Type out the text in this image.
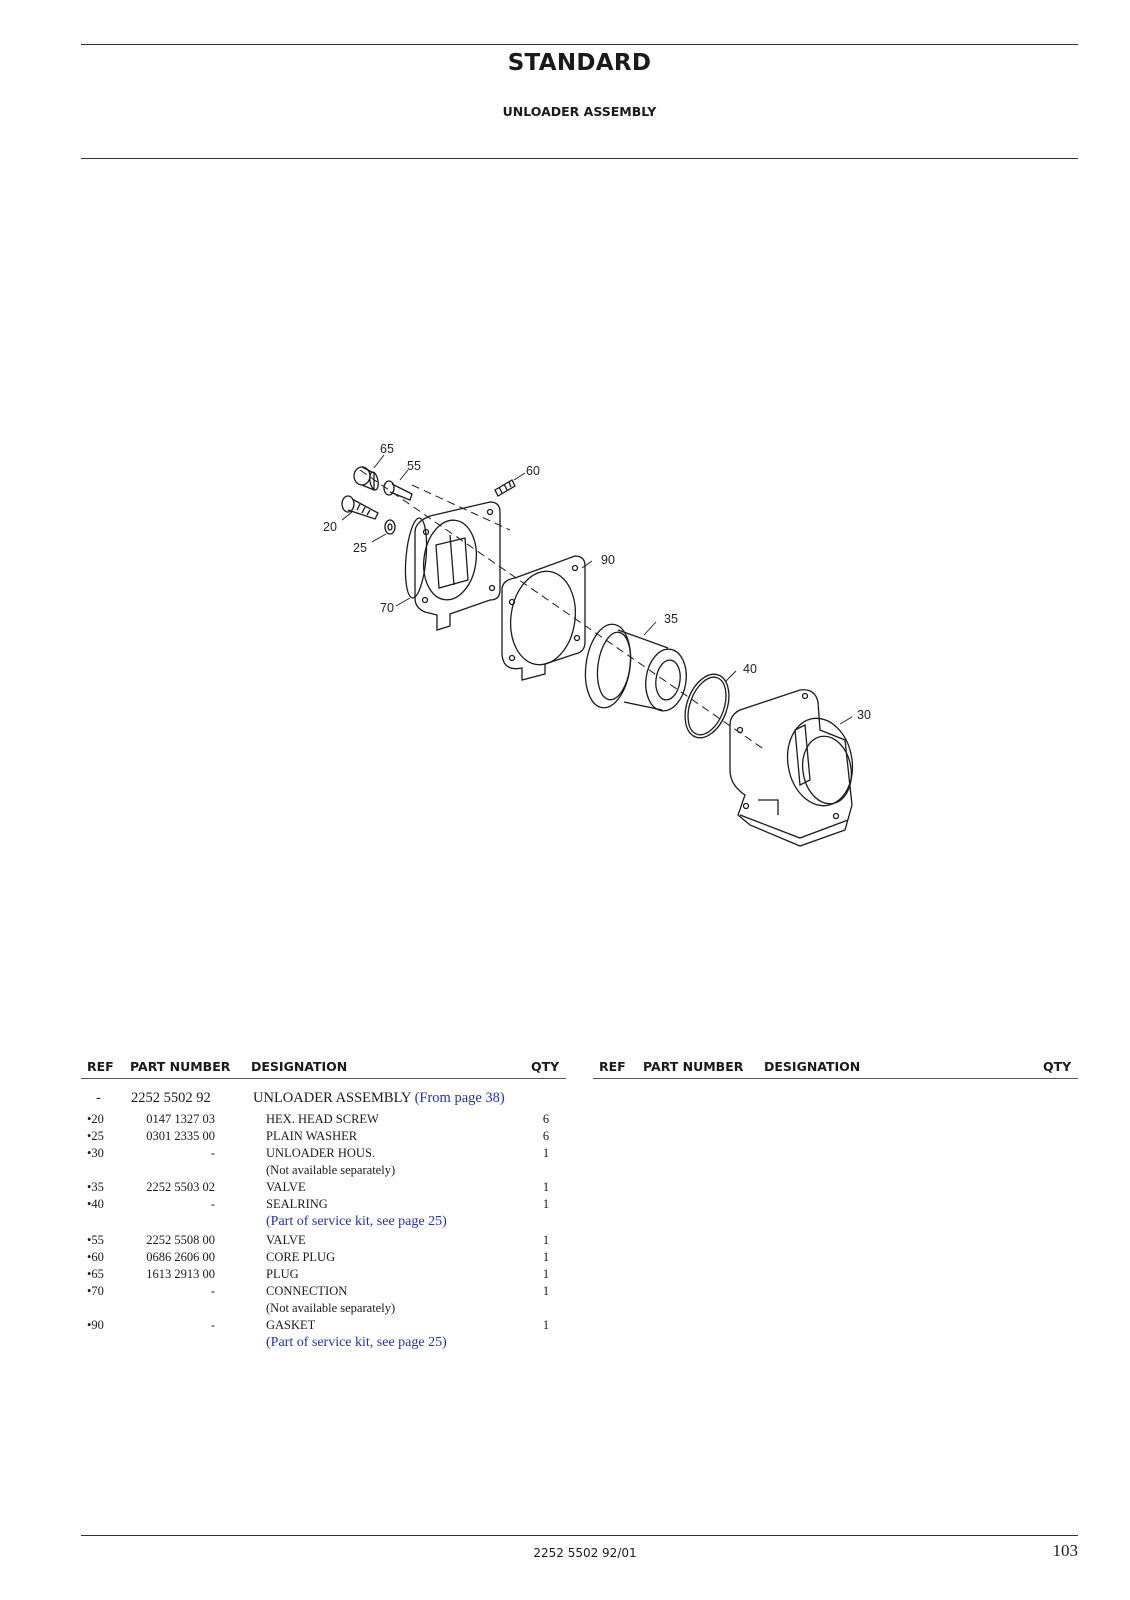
STANDARD
UNLOADER ASSEMBLY
65
55	60
20
25
90
70
35
40
30
REF PART NUMBER DESIGNATION	QTY	REF PART NUMBER DESIGNATION	QTY
- 2252 5502 92	UNLOADER ASSEMBLY (From page 38)
•20	0147 1327 03	HEX. HEAD SCREW	6
•25	0301 2335 00	PLAIN WASHER	6
•30	-	UNLOADER HOUS.	1
(Not available separately)
•35	2252 5503 02	VALVE	1
•40	-	SEALRING	1
(Part of service kit, see page 25)
•55	2252 5508 00	VALVE	1
•60	0686 2606 00	CORE PLUG	1
•65	1613 2913 00	PLUG	1
•70	-	CONNECTION	1
(Not available separately)
•90	-	GASKET	1
(Part of service kit, see page 25)
2252 5502 92/01	103
